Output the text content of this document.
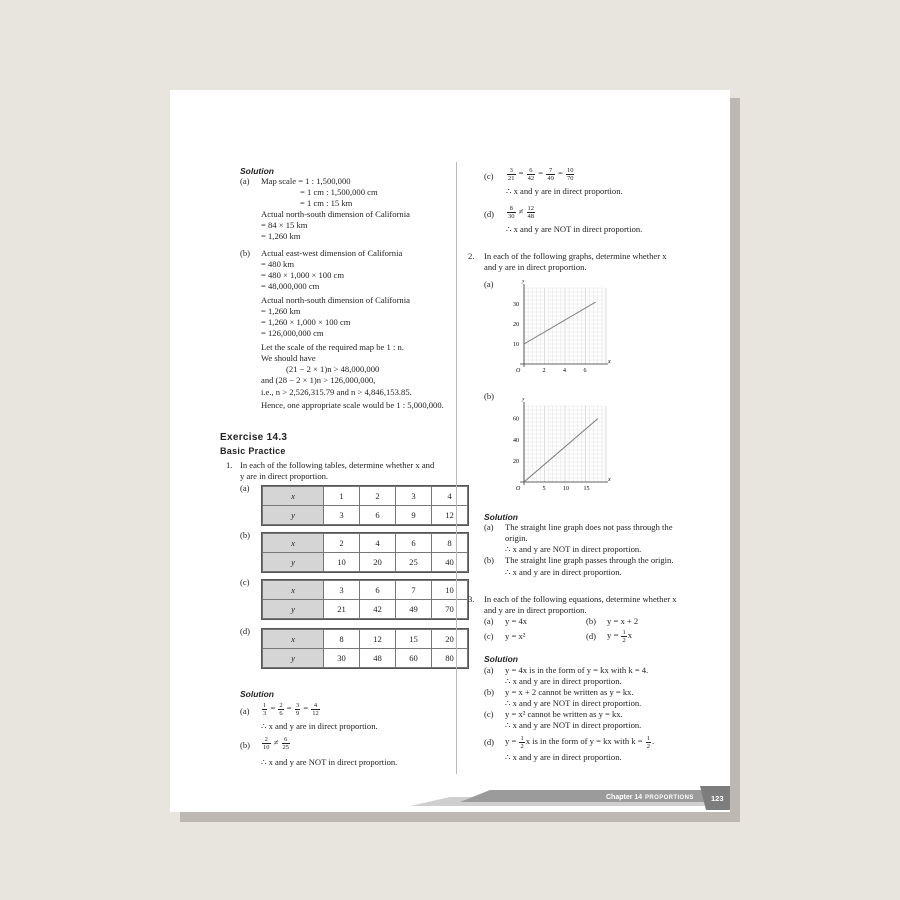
Solution
(a) Map scale = 1 : 1,500,000
= 1 cm : 1,500,000 cm
= 1 cm : 15 km
Actual north-south dimension of California
= 84 × 15 km
= 1,260 km
(b) Actual east-west dimension of California
= 480 km
= 480 × 1,000 × 100 cm
= 48,000,000 cm
Actual north-south dimension of California
= 1,260 km
= 1,260 × 1,000 × 100 cm
= 126,000,000 cm
Let the scale of the required map be 1 : n.
We should have
(21 − 2 × 1)n > 48,000,000
and (28 − 2 × 1)n > 126,000,000,
i.e., n > 2,526,315.79 and n > 4,846,153.85.
Hence, one appropriate scale would be 1 : 5,000,000.
Exercise 14.3
Basic Practice
1. In each of the following tables, determine whether x and
y are in direct proportion.
(a)
x	1	2	3	4
y	3	6	9	12
(b)
x	2	4	6	8
y	10	20	25	40
(c)
x	3	6	7	10
y	21	42	49	70
(d)
x	8	12	15	20
y	30	48	60	80
Solution
$(a) \frac{1}{3} = \frac{2}{6} = \frac{3}{9} = \frac{4}{12}$
∴ x and y are in direct proportion.
$(b) \frac{2}{10} \ne \frac{6}{25}$
∴ x and y are NOT in direct proportion.
$(c) \frac{3}{21} = \frac{6}{42} = \frac{7}{49} = \frac{10}{70}$
∴ x and y are in direct proportion.
$(d) \frac{8}{30} \ne \frac{12}{48}$
∴ x and y are NOT in direct proportion.
2. In each of the following graphs, determine whether x
and y are in direct proportion.
(a)
2	4	6
10
20
30
x
y
O
(b)
5	10 15
20
40
60
x
y
O
Solution
(a) The straight line graph does not pass through the
origin.
∴ x and y are NOT in direct proportion.
(b) The straight line graph passes through the origin.
∴ x and y are in direct proportion.
3. In each of the following equations, determine whether x
and y are in direct proportion.
(a) y = 4x	(b) y = x + 2
(c) y = x²	(d) $y = \frac{1}{2}$ x
Solution
(a) y = 4x is in the form of y = kx with k = 4.
∴ x and y are in direct proportion.
(b) y = x + 2 cannot be written as y = kx.
∴ x and y are NOT in direct proportion.
(c) y = x² cannot be written as y = kx.
∴ x and y are NOT in direct proportion.
(d) $y = \frac{1}{2}$ x is in the form of y = kx with $k = \frac{1}{2}$ .
∴ x and y are in direct proportion.
Chapter 14 PROPORTIONS 123
